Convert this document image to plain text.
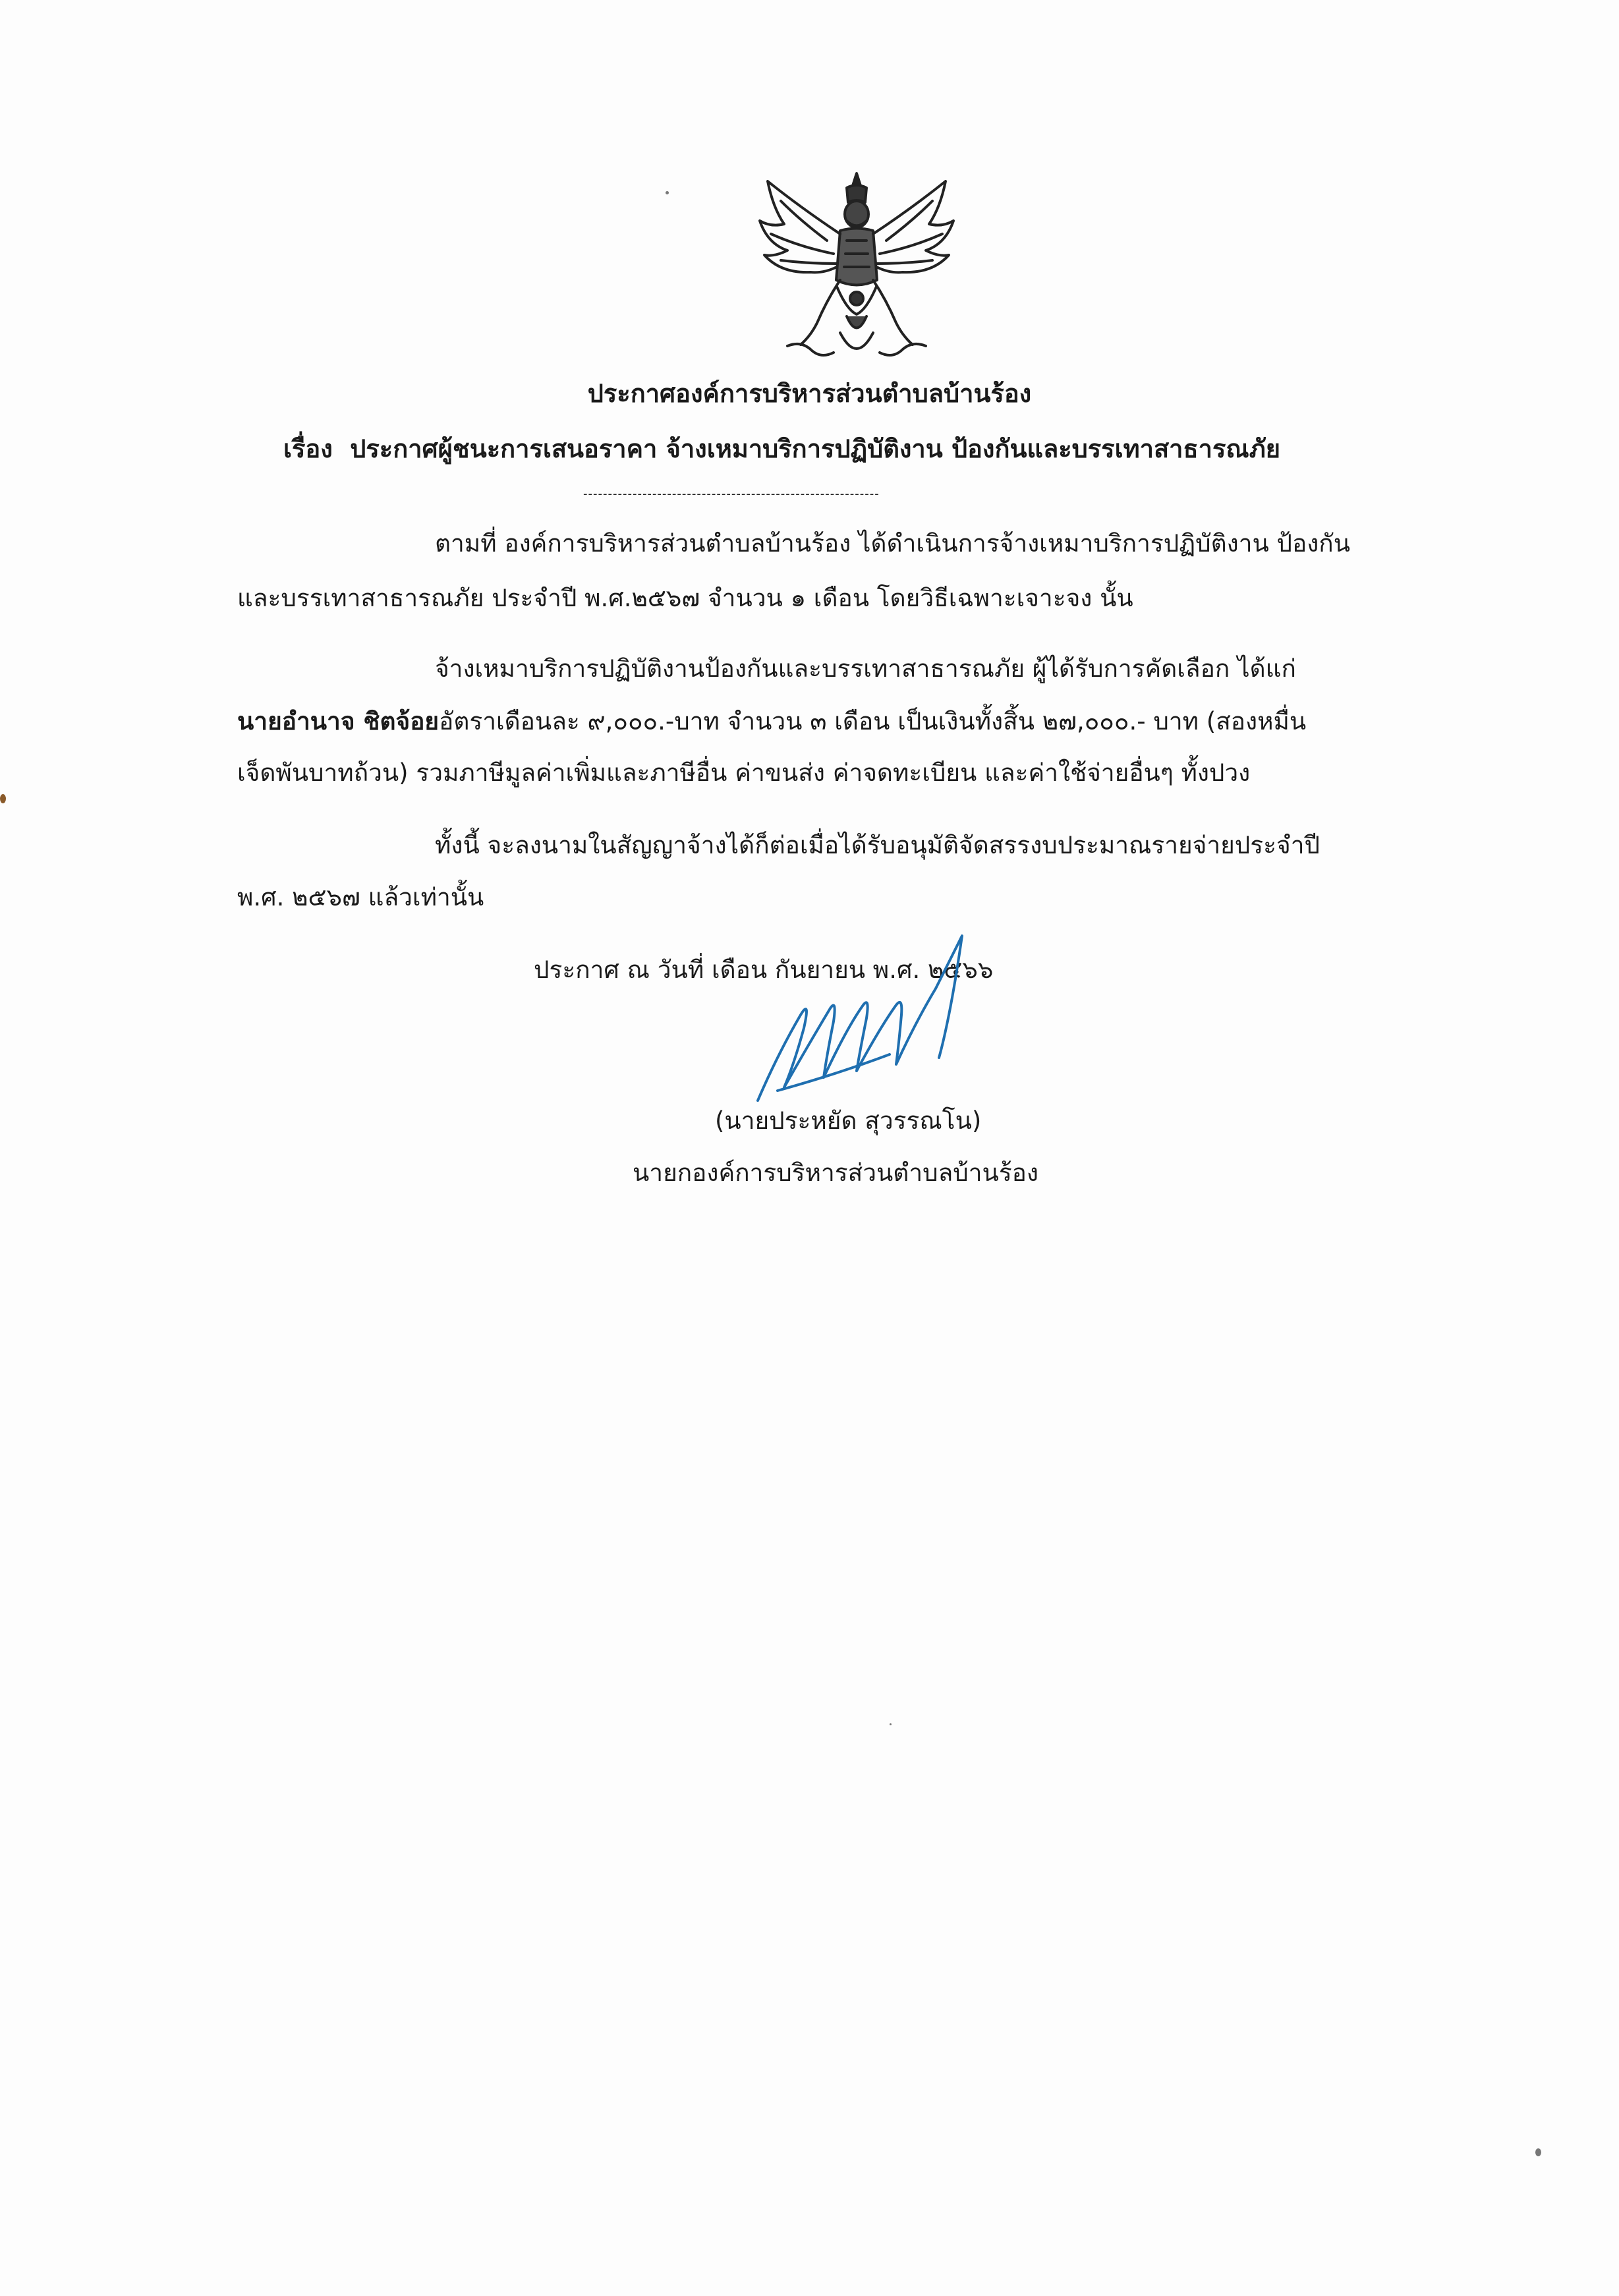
ประกาศองค์การบริหารส่วนตำบลบ้านร้อง
เรื่อง ประกาศผู้ชนะการเสนอราคา จ้างเหมาบริการปฏิบัติงาน ป้องกันและบรรเทาสาธารณภัย
------------------------------------------------------------
ตามที่ องค์การบริหารส่วนตำบลบ้านร้อง ได้ดำเนินการจ้างเหมาบริการปฏิบัติงาน ป้องกัน
และบรรเทาสาธารณภัย ประจำปี พ.ศ.๒๕๖๗ จำนวน ๑ เดือน โดยวิธีเฉพาะเจาะจง นั้น
จ้างเหมาบริการปฏิบัติงานป้องกันและบรรเทาสาธารณภัย ผู้ได้รับการคัดเลือก ได้แก่
นายอำนาจ ชิตจ้อยอัตราเดือนละ ๙,๐๐๐.-บาท จำนวน ๓ เดือน เป็นเงินทั้งสิ้น ๒๗,๐๐๐.- บาท (สองหมื่น
เจ็ดพันบาทถ้วน) รวมภาษีมูลค่าเพิ่มและภาษีอื่น ค่าขนส่ง ค่าจดทะเบียน และค่าใช้จ่ายอื่นๆ ทั้งปวง
ทั้งนี้ จะลงนามในสัญญาจ้างได้ก็ต่อเมื่อได้รับอนุมัติจัดสรรงบประมาณรายจ่ายประจำปี
พ.ศ. ๒๕๖๗ แล้วเท่านั้น
ประกาศ ณ วันที่ เดือน กันยายน พ.ศ. ๒๕๖๖
(นายประหยัด สุวรรณโน)
นายกองค์การบริหารส่วนตำบลบ้านร้อง
